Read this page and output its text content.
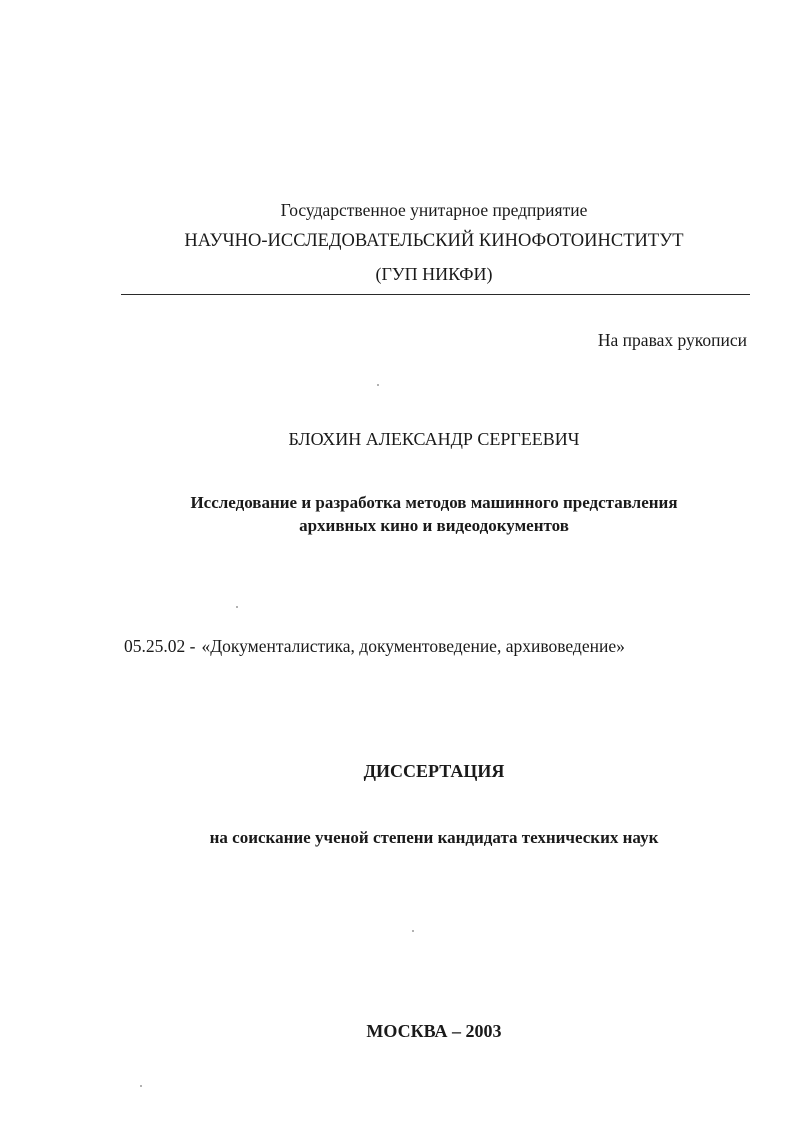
Государственное унитарное предприятие
НАУЧНО-ИССЛЕДОВАТЕЛЬСКИЙ КИНОФОТОИНСТИТУТ
(ГУП НИКФИ)
На правах рукописи
БЛОХИН АЛЕКСАНДР СЕРГЕЕВИЧ
Исследование и разработка методов машинного представления
архивных кино и видеодокументов
05.25.02 - «Документалистика, документоведение, архивоведение»
ДИССЕРТАЦИЯ
на соискание ученой степени кандидата технических наук
МОСКВА – 2003
